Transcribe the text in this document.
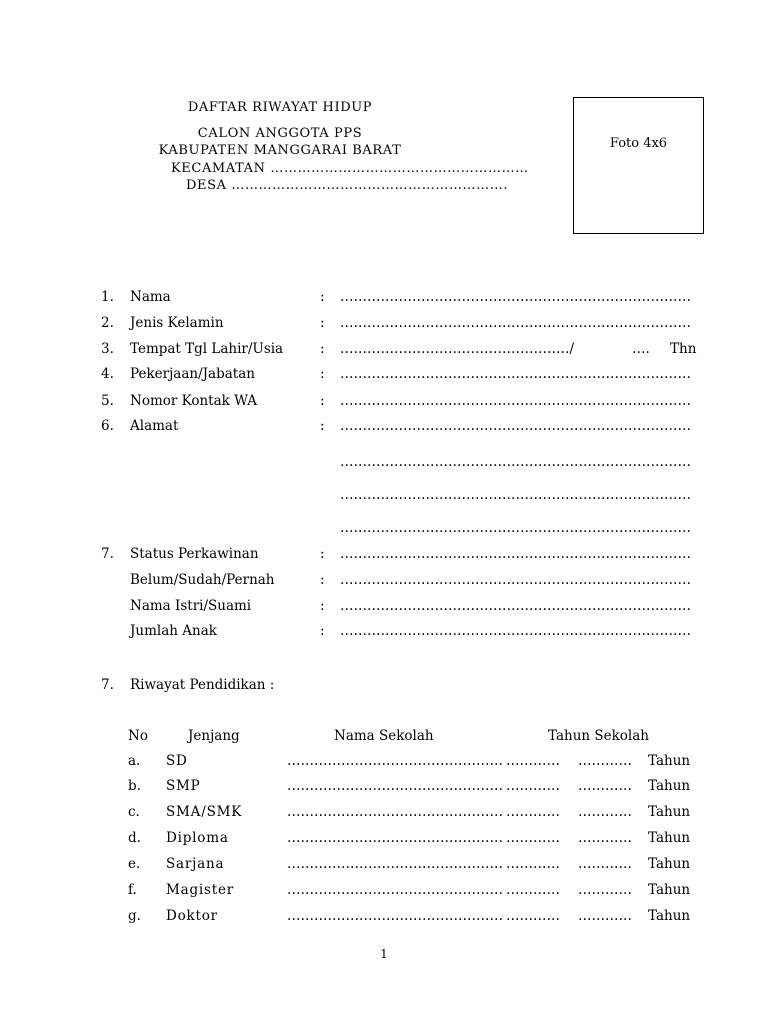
DAFTAR RIWAYAT HIDUP
CALON ANGGOTA PPS
KABUPATEN MANGGARAI BARAT
KECAMATAN …………………………………………………
DESA …………………………………………………….
Foto 4x6
1. Nama	: ……………………………………………………………………
2. Jenis Kelamin	: ……………………………………………………………………
3. Tempat Tgl Lahir/Usia	: ……………………………………………/	…. Thn
4. Pekerjaan/Jabatan	: ……………………………………………………………………
5. Nomor Kontak WA	: ……………………………………………………………………
6. Alamat	: ……………………………………………………………………
……………………………………………………………………
……………………………………………………………………
……………………………………………………………………
7. Status Perkawinan	: ……………………………………………………………………
Belum/Sudah/Pernah	: ……………………………………………………………………
Nama Istri/Suami	: ……………………………………………………………………
Jumlah Anak	: ……………………………………………………………………
7. Riwayat Pendidikan :
No	Jenjang	Nama Sekolah	Tahun Sekolah
a. SD	………………………………………… ………… ………… Tahun
b. SMP	………………………………………… ………… ………… Tahun
c. SMA/SMK	………………………………………… ………… ………… Tahun
d. Diploma	………………………………………… ………… ………… Tahun
e. Sarjana	………………………………………… ………… ………… Tahun
f. Magister	………………………………………… ………… ………… Tahun
g. Doktor	………………………………………… ………… ………… Tahun
1
